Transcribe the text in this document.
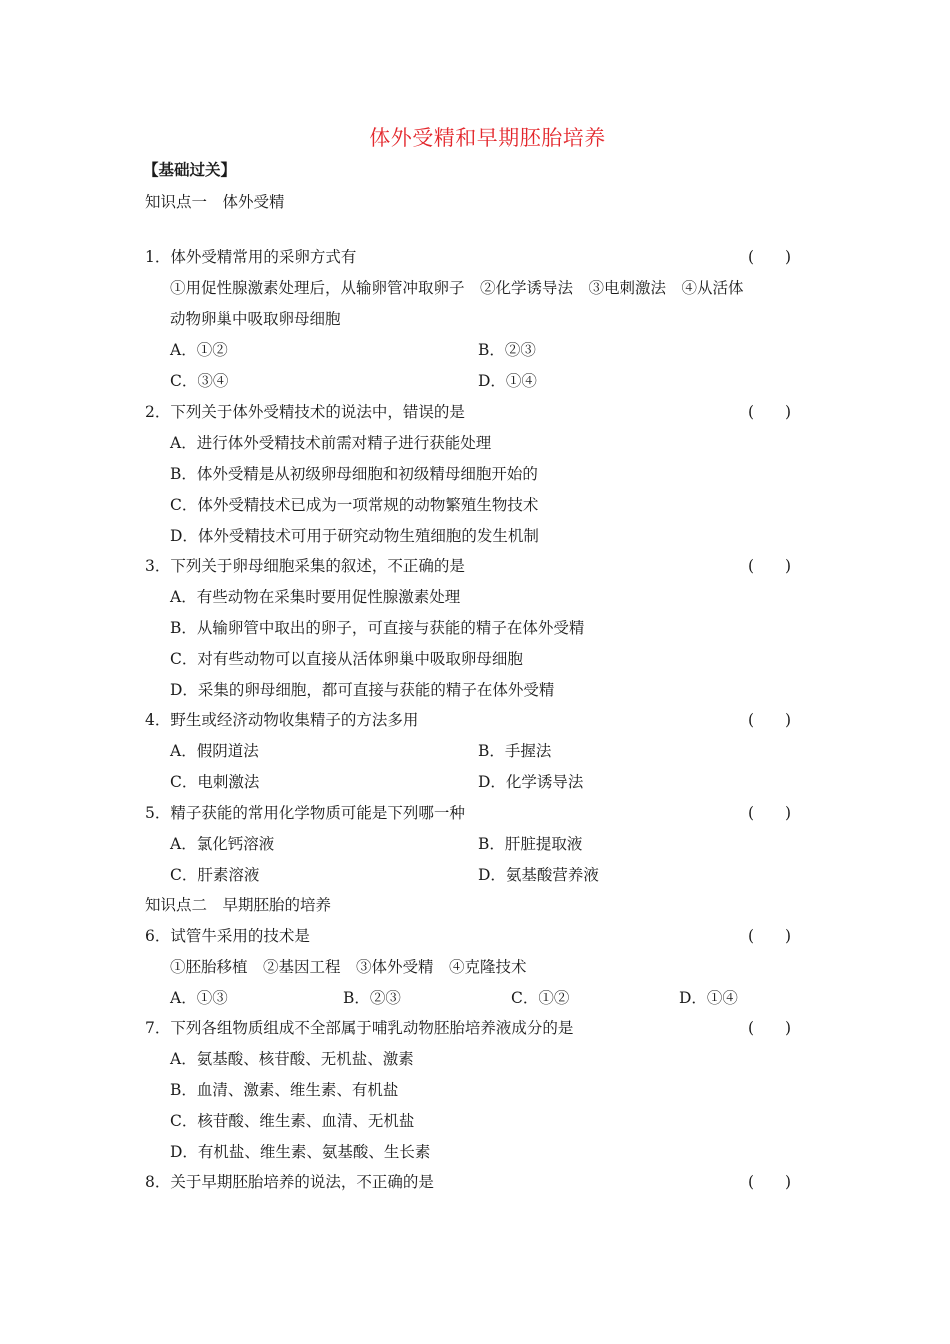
体外受精和早期胚胎培养
【基础过关】
知识点一　体外受精
1．体外受精常用的采卵方式有	(　　)
①用促性腺激素处理后，从输卵管冲取卵子　②化学诱导法　③电刺激法　④从活体
动物卵巢中吸取卵母细胞
A．①②	B．②③
C．③④	D．①④
2．下列关于体外受精技术的说法中，错误的是	(　　)
A．进行体外受精技术前需对精子进行获能处理
B．体外受精是从初级卵母细胞和初级精母细胞开始的
C．体外受精技术已成为一项常规的动物繁殖生物技术
D．体外受精技术可用于研究动物生殖细胞的发生机制
3．下列关于卵母细胞采集的叙述，不正确的是	(　　)
A．有些动物在采集时要用促性腺激素处理
B．从输卵管中取出的卵子，可直接与获能的精子在体外受精
C．对有些动物可以直接从活体卵巢中吸取卵母细胞
D．采集的卵母细胞，都可直接与获能的精子在体外受精
4．野生或经济动物收集精子的方法多用	(　　)
A．假阴道法	B．手握法
C．电刺激法	D．化学诱导法
5．精子获能的常用化学物质可能是下列哪一种	(　　)
A．氯化钙溶液	B．肝脏提取液
C．肝素溶液	D．氨基酸营养液
知识点二　早期胚胎的培养
6．试管牛采用的技术是	(　　)
①胚胎移植　②基因工程　③体外受精　④克隆技术
A．①③	B．②③	C．①②	D．①④
7．下列各组物质组成不全部属于哺乳动物胚胎培养液成分的是	(　　)
A．氨基酸、核苷酸、无机盐、激素
B．血清、激素、维生素、有机盐
C．核苷酸、维生素、血清、无机盐
D．有机盐、维生素、氨基酸、生长素
8．关于早期胚胎培养的说法，不正确的是	(　　)
